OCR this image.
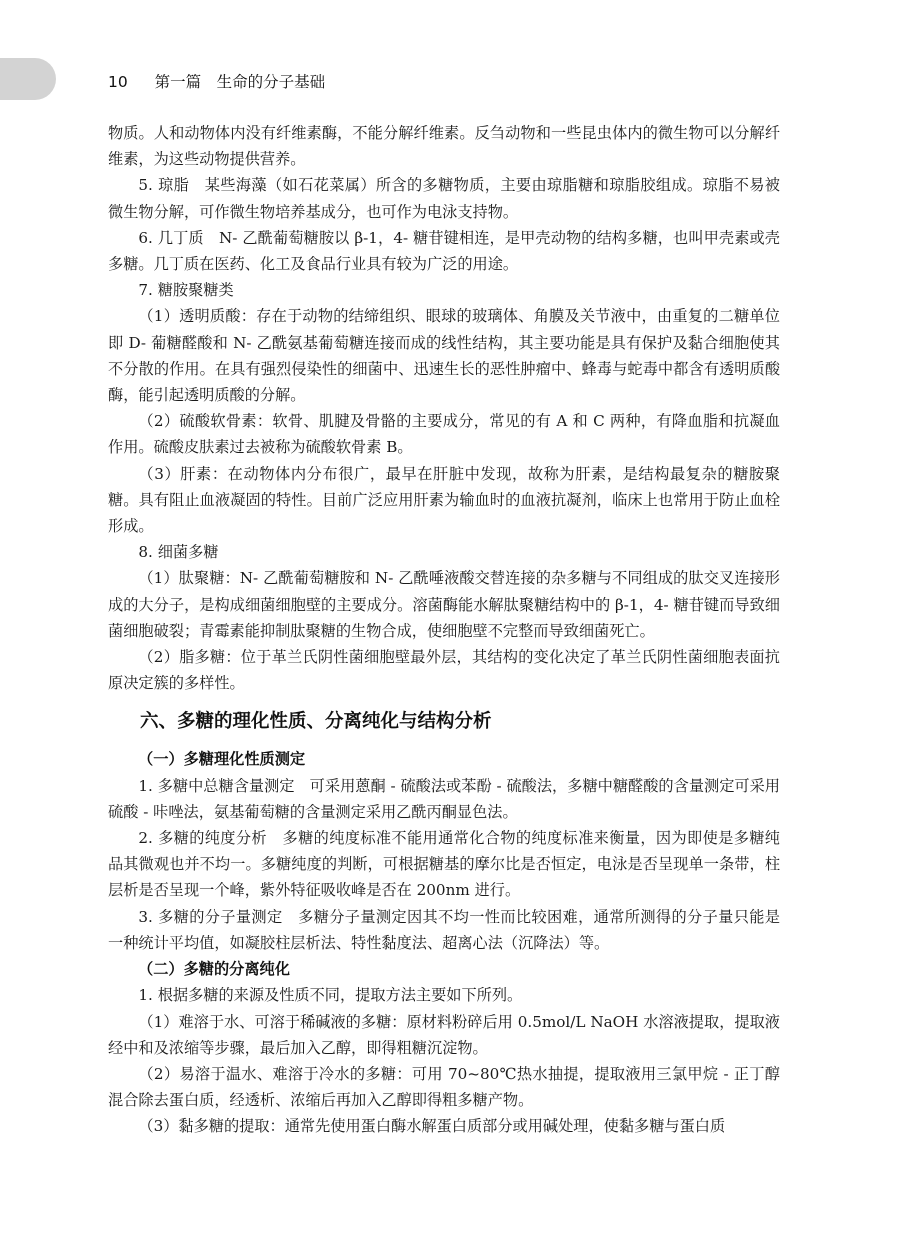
10 第一篇　生命的分子基础

物质。人和动物体内没有纤维素酶，不能分解纤维素。反刍动物和一些昆虫体内的微生物可以分解纤维素，为这些动物提供营养。

5. 琼脂　某些海藻（如石花菜属）所含的多糖物质，主要由琼脂糖和琼脂胶组成。琼脂不易被微生物分解，可作微生物培养基成分，也可作为电泳支持物。

6. 几丁质　N- 乙酰葡萄糖胺以 β-1，4- 糖苷键相连，是甲壳动物的结构多糖，也叫甲壳素或壳多糖。几丁质在医药、化工及食品行业具有较为广泛的用途。

7. 糖胺聚糖类

（1）透明质酸：存在于动物的结缔组织、眼球的玻璃体、角膜及关节液中，由重复的二糖单位即 D- 葡糖醛酸和 N- 乙酰氨基葡萄糖连接而成的线性结构，其主要功能是具有保护及黏合细胞使其不分散的作用。在具有强烈侵染性的细菌中、迅速生长的恶性肿瘤中、蜂毒与蛇毒中都含有透明质酸酶，能引起透明质酸的分解。

（2）硫酸软骨素：软骨、肌腱及骨骼的主要成分，常见的有 A 和 C 两种，有降血脂和抗凝血作用。硫酸皮肤素过去被称为硫酸软骨素 B。

（3）肝素：在动物体内分布很广，最早在肝脏中发现，故称为肝素，是结构最复杂的糖胺聚糖。具有阻止血液凝固的特性。目前广泛应用肝素为输血时的血液抗凝剂，临床上也常用于防止血栓形成。

8. 细菌多糖

（1）肽聚糖：N- 乙酰葡萄糖胺和 N- 乙酰唾液酸交替连接的杂多糖与不同组成的肽交叉连接形成的大分子，是构成细菌细胞壁的主要成分。溶菌酶能水解肽聚糖结构中的 β-1，4- 糖苷键而导致细菌细胞破裂；青霉素能抑制肽聚糖的生物合成，使细胞壁不完整而导致细菌死亡。

（2）脂多糖：位于革兰氏阴性菌细胞壁最外层，其结构的变化决定了革兰氏阴性菌细胞表面抗原决定簇的多样性。

六、多糖的理化性质、分离纯化与结构分析
（一）多糖理化性质测定

1. 多糖中总糖含量测定　可采用蒽酮 - 硫酸法或苯酚 - 硫酸法，多糖中糖醛酸的含量测定可采用硫酸 - 咔唑法，氨基葡萄糖的含量测定采用乙酰丙酮显色法。

2. 多糖的纯度分析　多糖的纯度标准不能用通常化合物的纯度标准来衡量，因为即使是多糖纯品其微观也并不均一。多糖纯度的判断，可根据糖基的摩尔比是否恒定，电泳是否呈现单一条带，柱层析是否呈现一个峰，紫外特征吸收峰是否在 200nm 进行。

3. 多糖的分子量测定　多糖分子量测定因其不均一性而比较困难，通常所测得的分子量只能是一种统计平均值，如凝胶柱层析法、特性黏度法、超离心法（沉降法）等。

（二）多糖的分离纯化

1. 根据多糖的来源及性质不同，提取方法主要如下所列。

（1）难溶于水、可溶于稀碱液的多糖：原材料粉碎后用 0.5mol/L NaOH 水溶液提取，提取液经中和及浓缩等步骤，最后加入乙醇，即得粗糖沉淀物。

（2）易溶于温水、难溶于冷水的多糖：可用 70~80℃热水抽提，提取液用三氯甲烷 - 正丁醇混合除去蛋白质，经透析、浓缩后再加入乙醇即得粗多糖产物。

（3）黏多糖的提取：通常先使用蛋白酶水解蛋白质部分或用碱处理，使黏多糖与蛋白质
